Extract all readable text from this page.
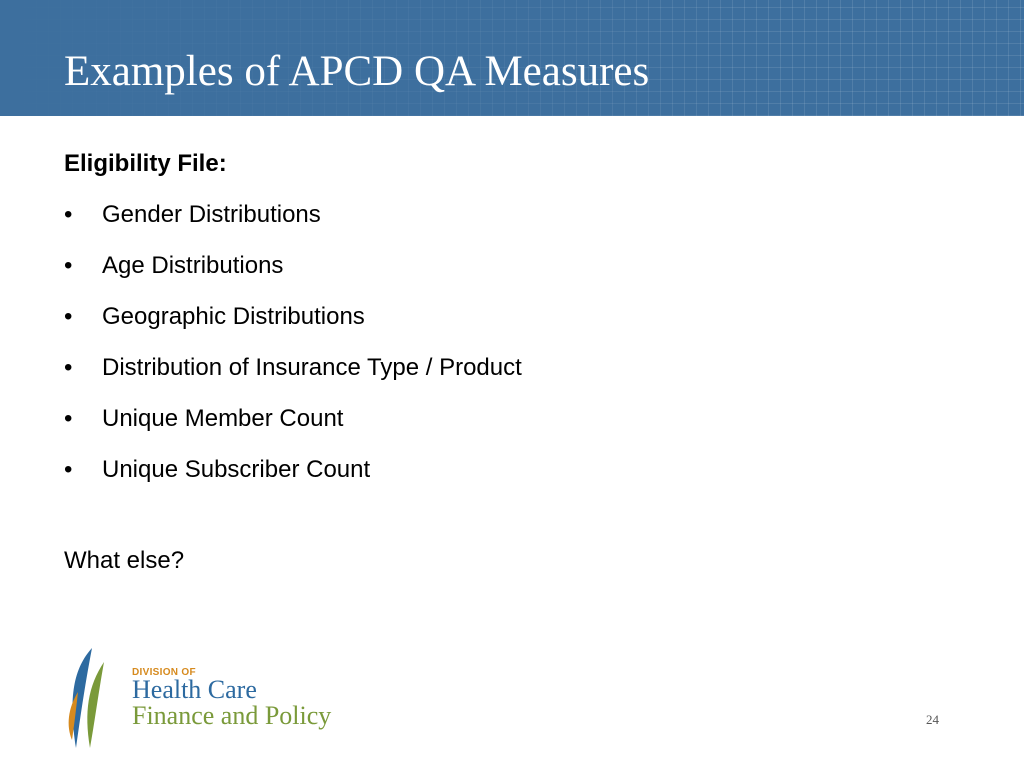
Examples of APCD QA Measures

Eligibility File:

• Gender Distributions
• Age Distributions
• Geographic Distributions
• Distribution of Insurance Type / Product
• Unique Member Count
• Unique Subscriber Count
What else?
DIVISION OF
Health Care
Finance and Policy	24
